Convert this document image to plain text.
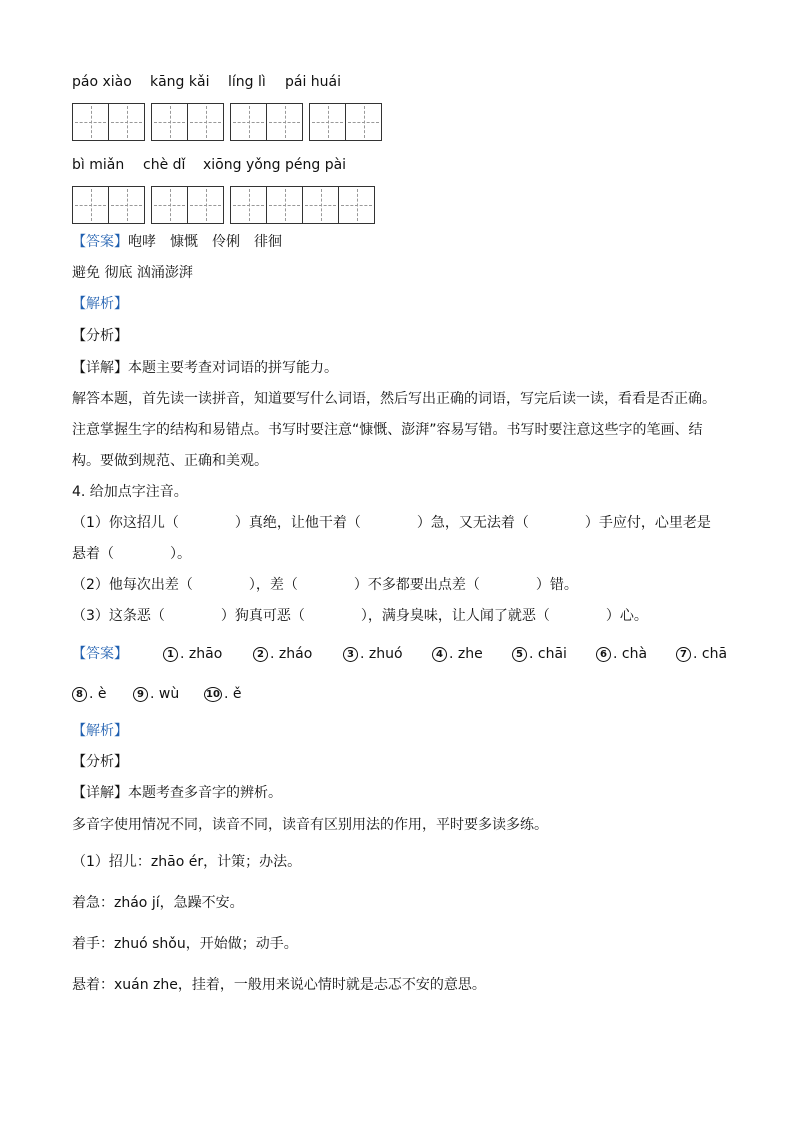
páo xiào kāng kǎi líng lì pái huái
bì miǎn chè dǐ xiōng yǒng péng pài
【答案】咆哮　慷慨　伶俐　徘徊
避免 彻底 汹涌澎湃
【解析】
【分析】
【详解】本题主要考查对词语的拼写能力。
解答本题，首先读一读拼音，知道要写什么词语，然后写出正确的词语，写完后读一读，看看是否正确。
注意掌握生字的结构和易错点。书写时要注意“慷慨、澎湃”容易写错。书写时要注意这些字的笔画、结
构。要做到规范、正确和美观。
4. 给加点字注音。
（1）你这招儿（　　　　）真绝，让他干着（　　　　）急，又无法着（　　　　）手应付，心里老是
悬着（　　　　）。
（2）他每次出差（　　　　），差（　　　　）不多都要出点差（　　　　）错。
（3）这条恶（　　　　）狗真可恶（　　　　），满身臭味，让人闻了就恶（　　　　）心。
【答案】	1 . zhāo	2 . zháo	3 . zhuó	4 . zhe	5 . chāi	6 . chà	7 . chā
8 . è	9 . wù	10 . ě
【解析】
【分析】
【详解】本题考查多音字的辨析。
多音字使用情况不同，读音不同，读音有区别用法的作用，平时要多读多练。
（1）招儿：zhāo ér，计策；办法。
着急：zháo jí，急躁不安。
着手：zhuó shǒu，开始做；动手。
悬着：xuán zhe，挂着，一般用来说心情时就是忐忑不安的意思。
